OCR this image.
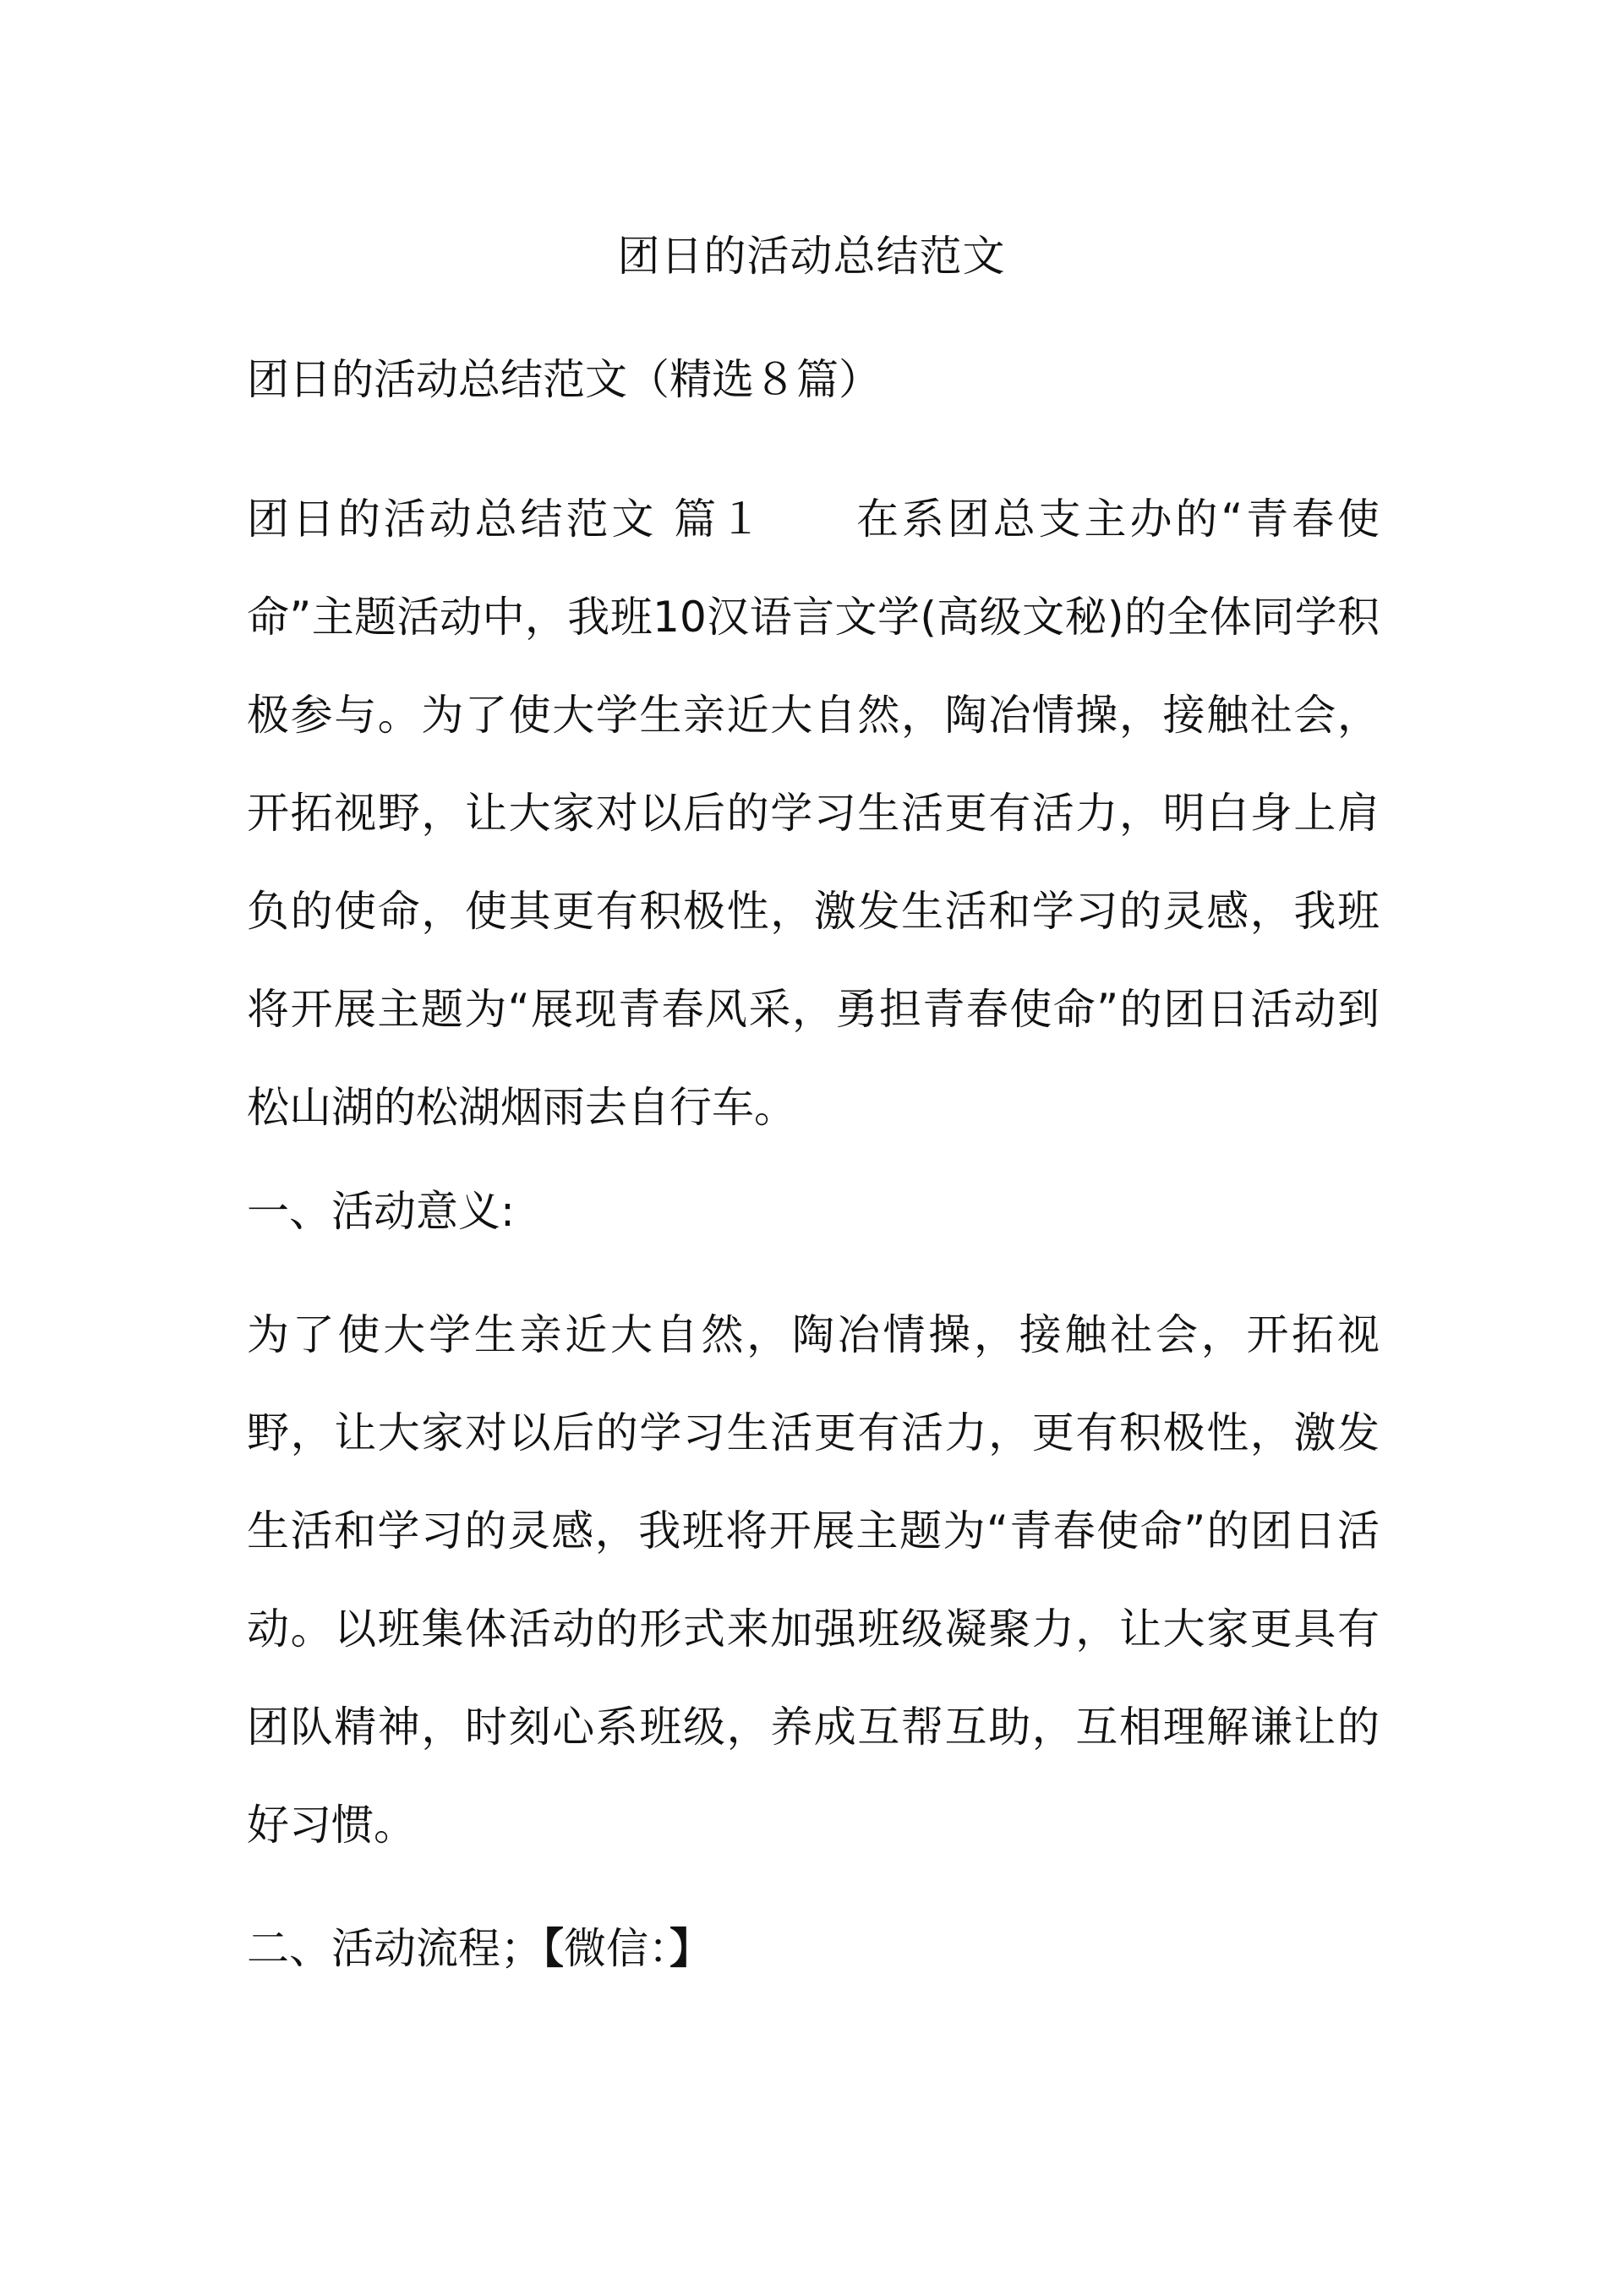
团日的活动总结范文

团日的活动总结范文（精选８篇）

团日的活动总结范文 篇１ 在系团总支主办的“青春使命”主题活动中，我班10汉语言文学(高级文秘)的全体同学积极参与。为了使大学生亲近大自然，陶冶情操，接触社会，开拓视野，让大家对以后的学习生活更有活力，明白身上肩负的使命，使其更有积极性，激发生活和学习的灵感，我班将开展主题为“展现青春风采，勇担青春使命”的团日活动到松山湖的松湖烟雨去自行车。

一、活动意义:

为了使大学生亲近大自然，陶冶情操，接触社会，开拓视野，让大家对以后的学习生活更有活力，更有积极性，激发生活和学习的灵感，我班将开展主题为“青春使命”的团日活动。以班集体活动的形式来加强班级凝聚力，让大家更具有团队精神，时刻心系班级，养成互帮互助，互相理解谦让的好习惯。

二、活动流程；【微信：】
